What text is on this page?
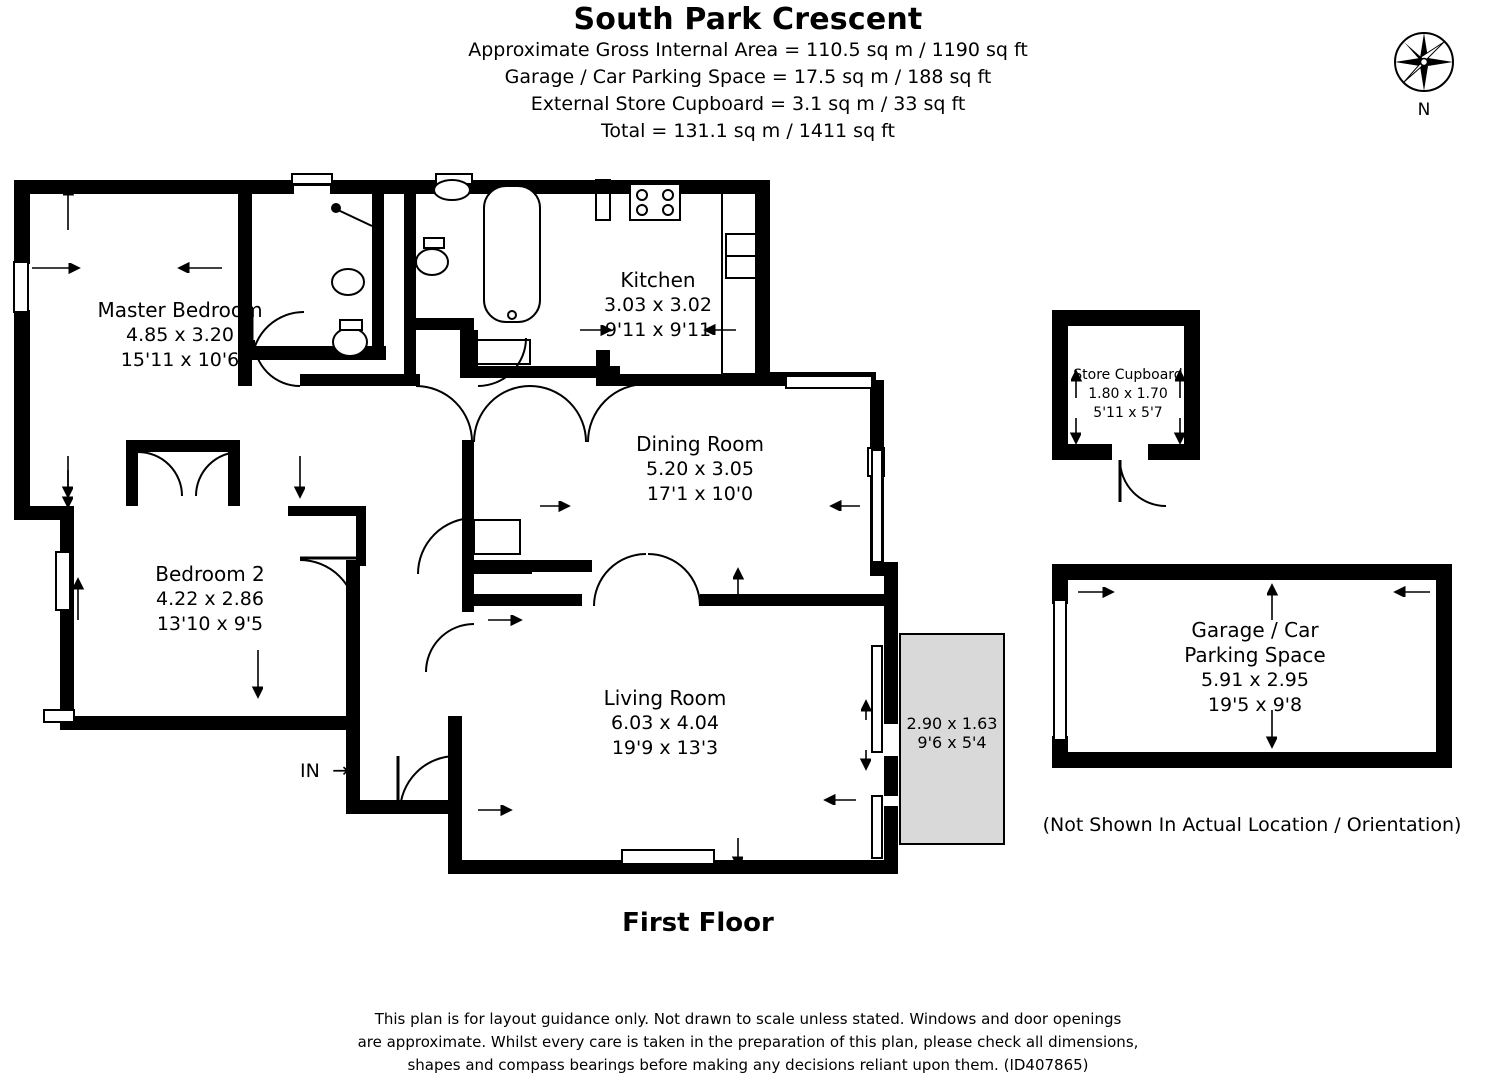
South Park Crescent
Approximate Gross Internal Area = 110.5 sq m / 1190 sq ft
Garage / Car Parking Space = 17.5 sq m / 188 sq ft
External Store Cupboard = 3.1 sq m / 33 sq ft
Total = 131.1 sq m / 1411 sq ft
N
Master Bedroom
4.85 x 3.20
15'11 x 10'6
Bedroom 2
4.22 x 2.86
13'10 x 9'5
Kitchen
3.03 x 3.02
9'11 x 9'11
Dining Room
5.20 x 3.05
17'1 x 10'0
Living Room
6.03 x 4.04
19'9 x 13'3
2.90 x 1.63
9'6 x 5'4
Store Cupboard
1.80 x 1.70
5'11 x 5'7
Garage / Car
Parking Space
5.91 x 2.95
19'5 x 9'8
IN  →
(Not Shown In Actual Location / Orientation)
First Floor
This plan is for layout guidance only. Not drawn to scale unless stated. Windows and door openings
are approximate. Whilst every care is taken in the preparation of this plan, please check all dimensions,
shapes and compass bearings before making any decisions reliant upon them. (ID407865)
